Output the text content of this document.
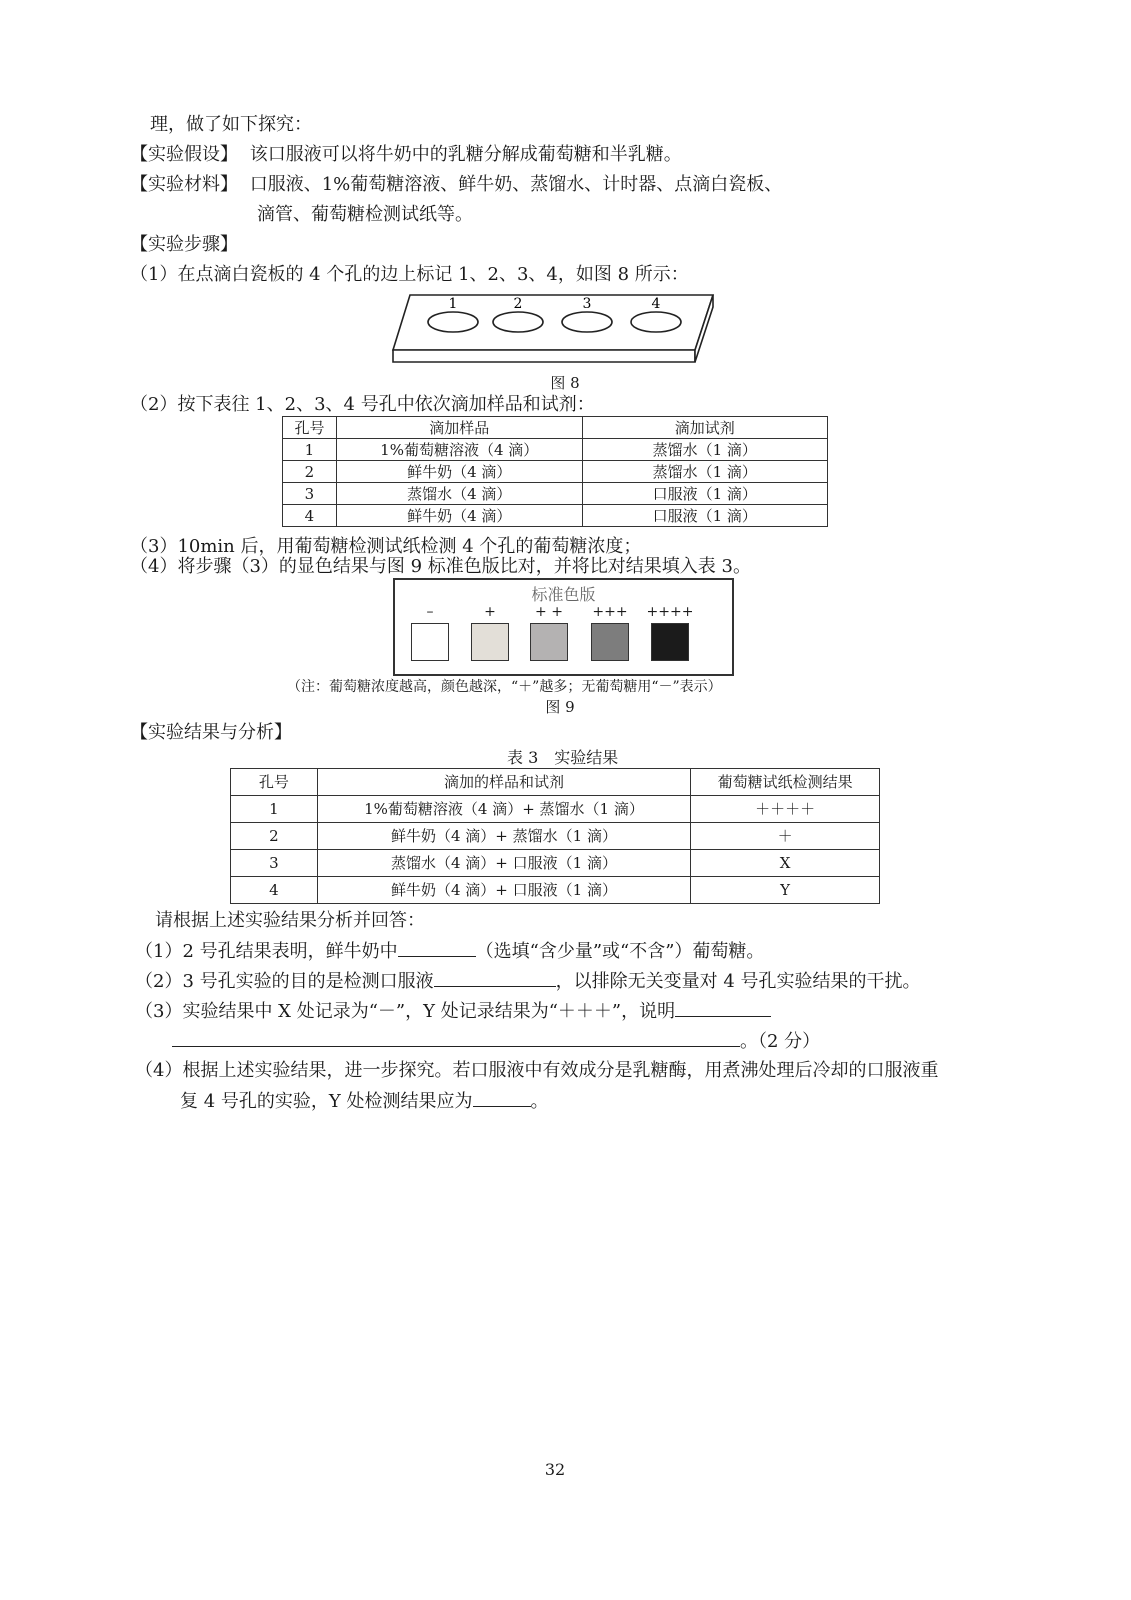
理，做了如下探究：
【实验假设】 该口服液可以将牛奶中的乳糖分解成葡萄糖和半乳糖。
【实验材料】 口服液、1%葡萄糖溶液、鲜牛奶、蒸馏水、计时器、点滴白瓷板、
滴管、葡萄糖检测试纸等。
【实验步骤】
（1）在点滴白瓷板的 4 个孔的边上标记 1、2、3、4，如图 8 所示：
1	2	3	4
图 8
（2）按下表往 1、2、3、4 号孔中依次滴加样品和试剂：
孔号	滴加样品	滴加试剂
1	1%葡萄糖溶液（4 滴）	蒸馏水（1 滴）
2	鲜牛奶（4 滴）	蒸馏水（1 滴）
3	蒸馏水（4 滴）	口服液（1 滴）
4	鲜牛奶（4 滴）	口服液（1 滴）
（3）10min 后，用葡萄糖检测试纸检测 4 个孔的葡萄糖浓度；
（4）将步骤（3）的显色结果与图 9 标准色版比对，并将比对结果填入表 3。
标准色版
–	+	+ +	+++	++++
（注：葡萄糖浓度越高，颜色越深，“＋”越多；无葡萄糖用“－”表示）
图 9
【实验结果与分析】
表 3　实验结果
孔号	滴加的样品和试剂	葡萄糖试纸检测结果
1	1%葡萄糖溶液（4 滴）+ 蒸馏水（1 滴）	＋＋＋＋
2	鲜牛奶（4 滴）+ 蒸馏水（1 滴）	＋
3	蒸馏水（4 滴）+ 口服液（1 滴）	X
4	鲜牛奶（4 滴）+ 口服液（1 滴）	Y
请根据上述实验结果分析并回答：
（1）2 号孔结果表明，鲜牛奶中	（选填“含少量”或“不含”）葡萄糖。
（2）3 号孔实验的目的是检测口服液	，以排除无关变量对 4 号孔实验结果的干扰。
（3）实验结果中 X 处记录为“－”，Y 处记录结果为“＋＋＋”，说明
。（2 分）
（4）根据上述实验结果，进一步探究。若口服液中有效成分是乳糖酶，用煮沸处理后冷却的口服液重
复 4 号孔的实验，Y 处检测结果应为	。
32
